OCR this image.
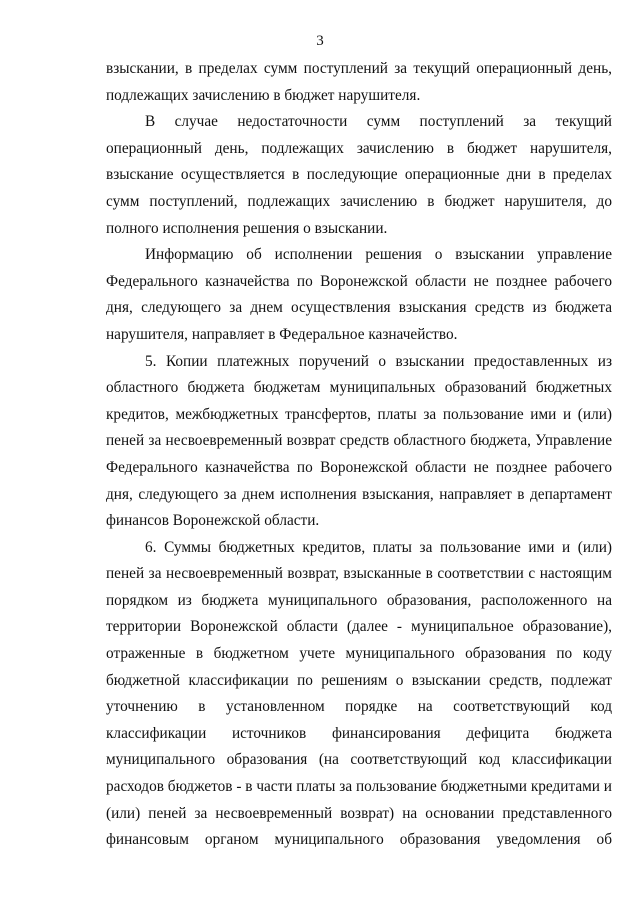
3

взыскании, в пределах сумм поступлений за текущий операционный день, подлежащих зачислению в бюджет нарушителя.

В случае недостаточности сумм поступлений за текущий операционный день, подлежащих зачислению в бюджет нарушителя, взыскание осуществляется в последующие операционные дни в пределах сумм поступлений, подлежащих зачислению в бюджет нарушителя, до полного исполнения решения о взыскании.

Информацию об исполнении решения о взыскании управление Федерального казначейства по Воронежской области не позднее рабочего дня, следующего за днем осуществления взыскания средств из бюджета нарушителя, направляет в Федеральное казначейство.

5. Копии платежных поручений о взыскании предоставленных из областного бюджета бюджетам муниципальных образований бюджетных кредитов, межбюджетных трансфертов, платы за пользование ими и (или) пеней за несвоевременный возврат средств областного бюджета, Управление Федерального казначейства по Воронежской области не позднее рабочего дня, следующего за днем исполнения взыскания, направляет в департамент финансов Воронежской области.

6. Суммы бюджетных кредитов, платы за пользование ими и (или) пеней за несвоевременный возврат, взысканные в соответствии с настоящим порядком из бюджета муниципального образования, расположенного на территории Воронежской области (далее - муниципальное образование), отраженные в бюджетном учете муниципального образования по коду бюджетной классификации по решениям о взыскании средств, подлежат уточнению в установленном порядке на соответствующий код классификации источников финансирования дефицита бюджета муниципального образования (на соответствующий код классификации расходов бюджетов - в части платы за пользование бюджетными кредитами и (или) пеней за несвоевременный возврат) на основании представленного финансовым органом муниципального образования уведомления об
